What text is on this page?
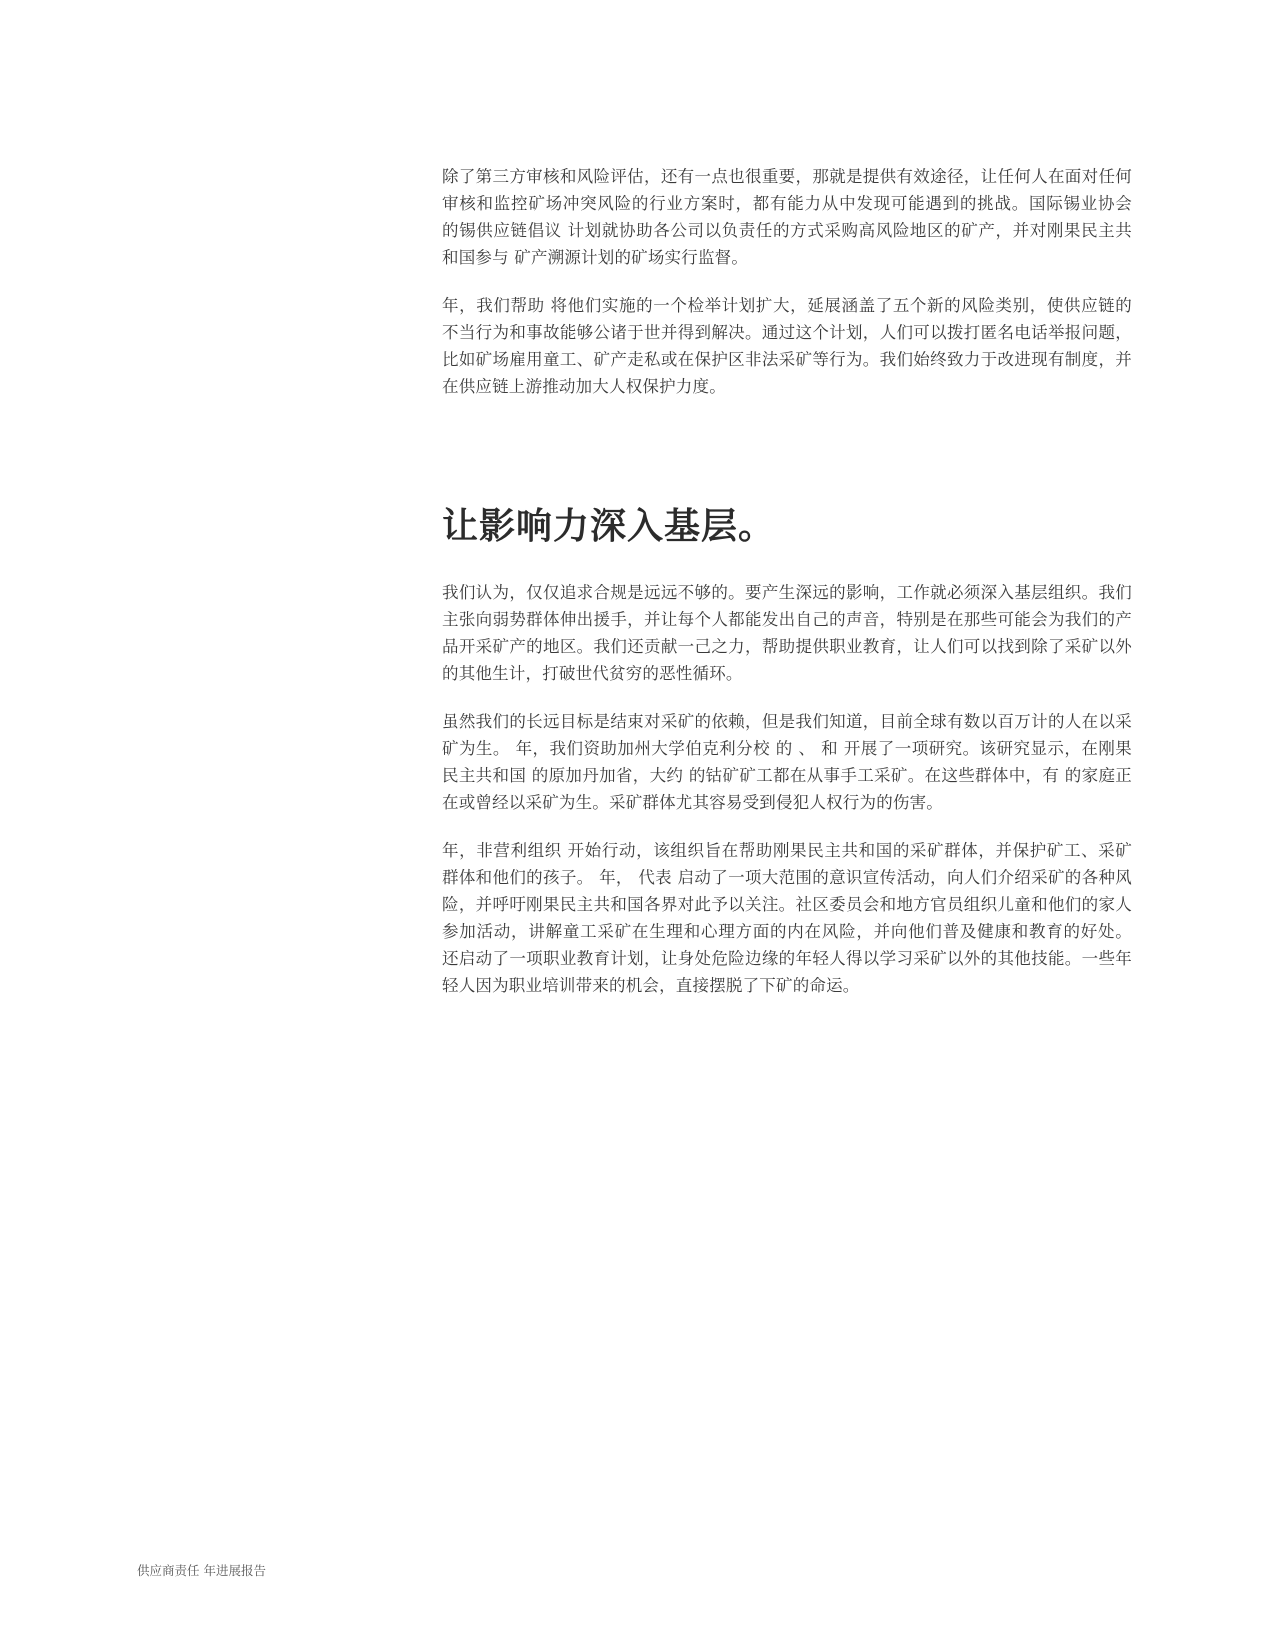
除了第三方审核和风险评估，还有一点也很重要，那就是提供有效途径，让任何人在面对任何审核和监控矿场冲突风险的行业方案时，都有能力从中发现可能遇到的挑战。国际锡业协会 的锡供应链倡议 计划就协助各公司以负责任的方式采购高风险地区的矿产，并对刚果民主共和国参与 矿产溯源计划的矿场实行监督。

年，我们帮助 将他们实施的一个检举计划扩大，延展涵盖了五个新的风险类别，使供应链的不当行为和事故能够公诸于世并得到解决。通过这个计划，人们可以拨打匿名电话举报问题，比如矿场雇用童工、矿产走私或在保护区非法采矿等行为。我们始终致力于改进现有制度，并在供应链上游推动加大人权保护力度。

让影响力深入基层。

我们认为，仅仅追求合规是远远不够的。要产生深远的影响，工作就必须深入基层组织。我们主张向弱势群体伸出援手，并让每个人都能发出自己的声音，特别是在那些可能会为我们的产品开采矿产的地区。我们还贡献一己之力，帮助提供职业教育，让人们可以找到除了采矿以外的其他生计，打破世代贫穷的恶性循环。

虽然我们的长远目标是结束对采矿的依赖，但是我们知道，目前全球有数以百万计的人在以采矿为生。 年，我们资助加州大学伯克利分校 的 、 和 开展了一项研究。该研究显示，在刚果民主共和国 的原加丹加省，大约 的钴矿矿工都在从事手工采矿。在这些群体中，有 的家庭正在或曾经以采矿为生。采矿群体尤其容易受到侵犯人权行为的伤害。

年，非营利组织 开始行动，该组织旨在帮助刚果民主共和国的采矿群体，并保护矿工、采矿群体和他们的孩子。 年， 代表 启动了一项大范围的意识宣传活动，向人们介绍采矿的各种风险，并呼吁刚果民主共和国各界对此予以关注。社区委员会和地方官员组织儿童和他们的家人参加活动，讲解童工采矿在生理和心理方面的内在风险，并向他们普及健康和教育的好处。 还启动了一项职业教育计划，让身处危险边缘的年轻人得以学习采矿以外的其他技能。一些年轻人因为职业培训带来的机会，直接摆脱了下矿的命运。

供应商责任 年进展报告
